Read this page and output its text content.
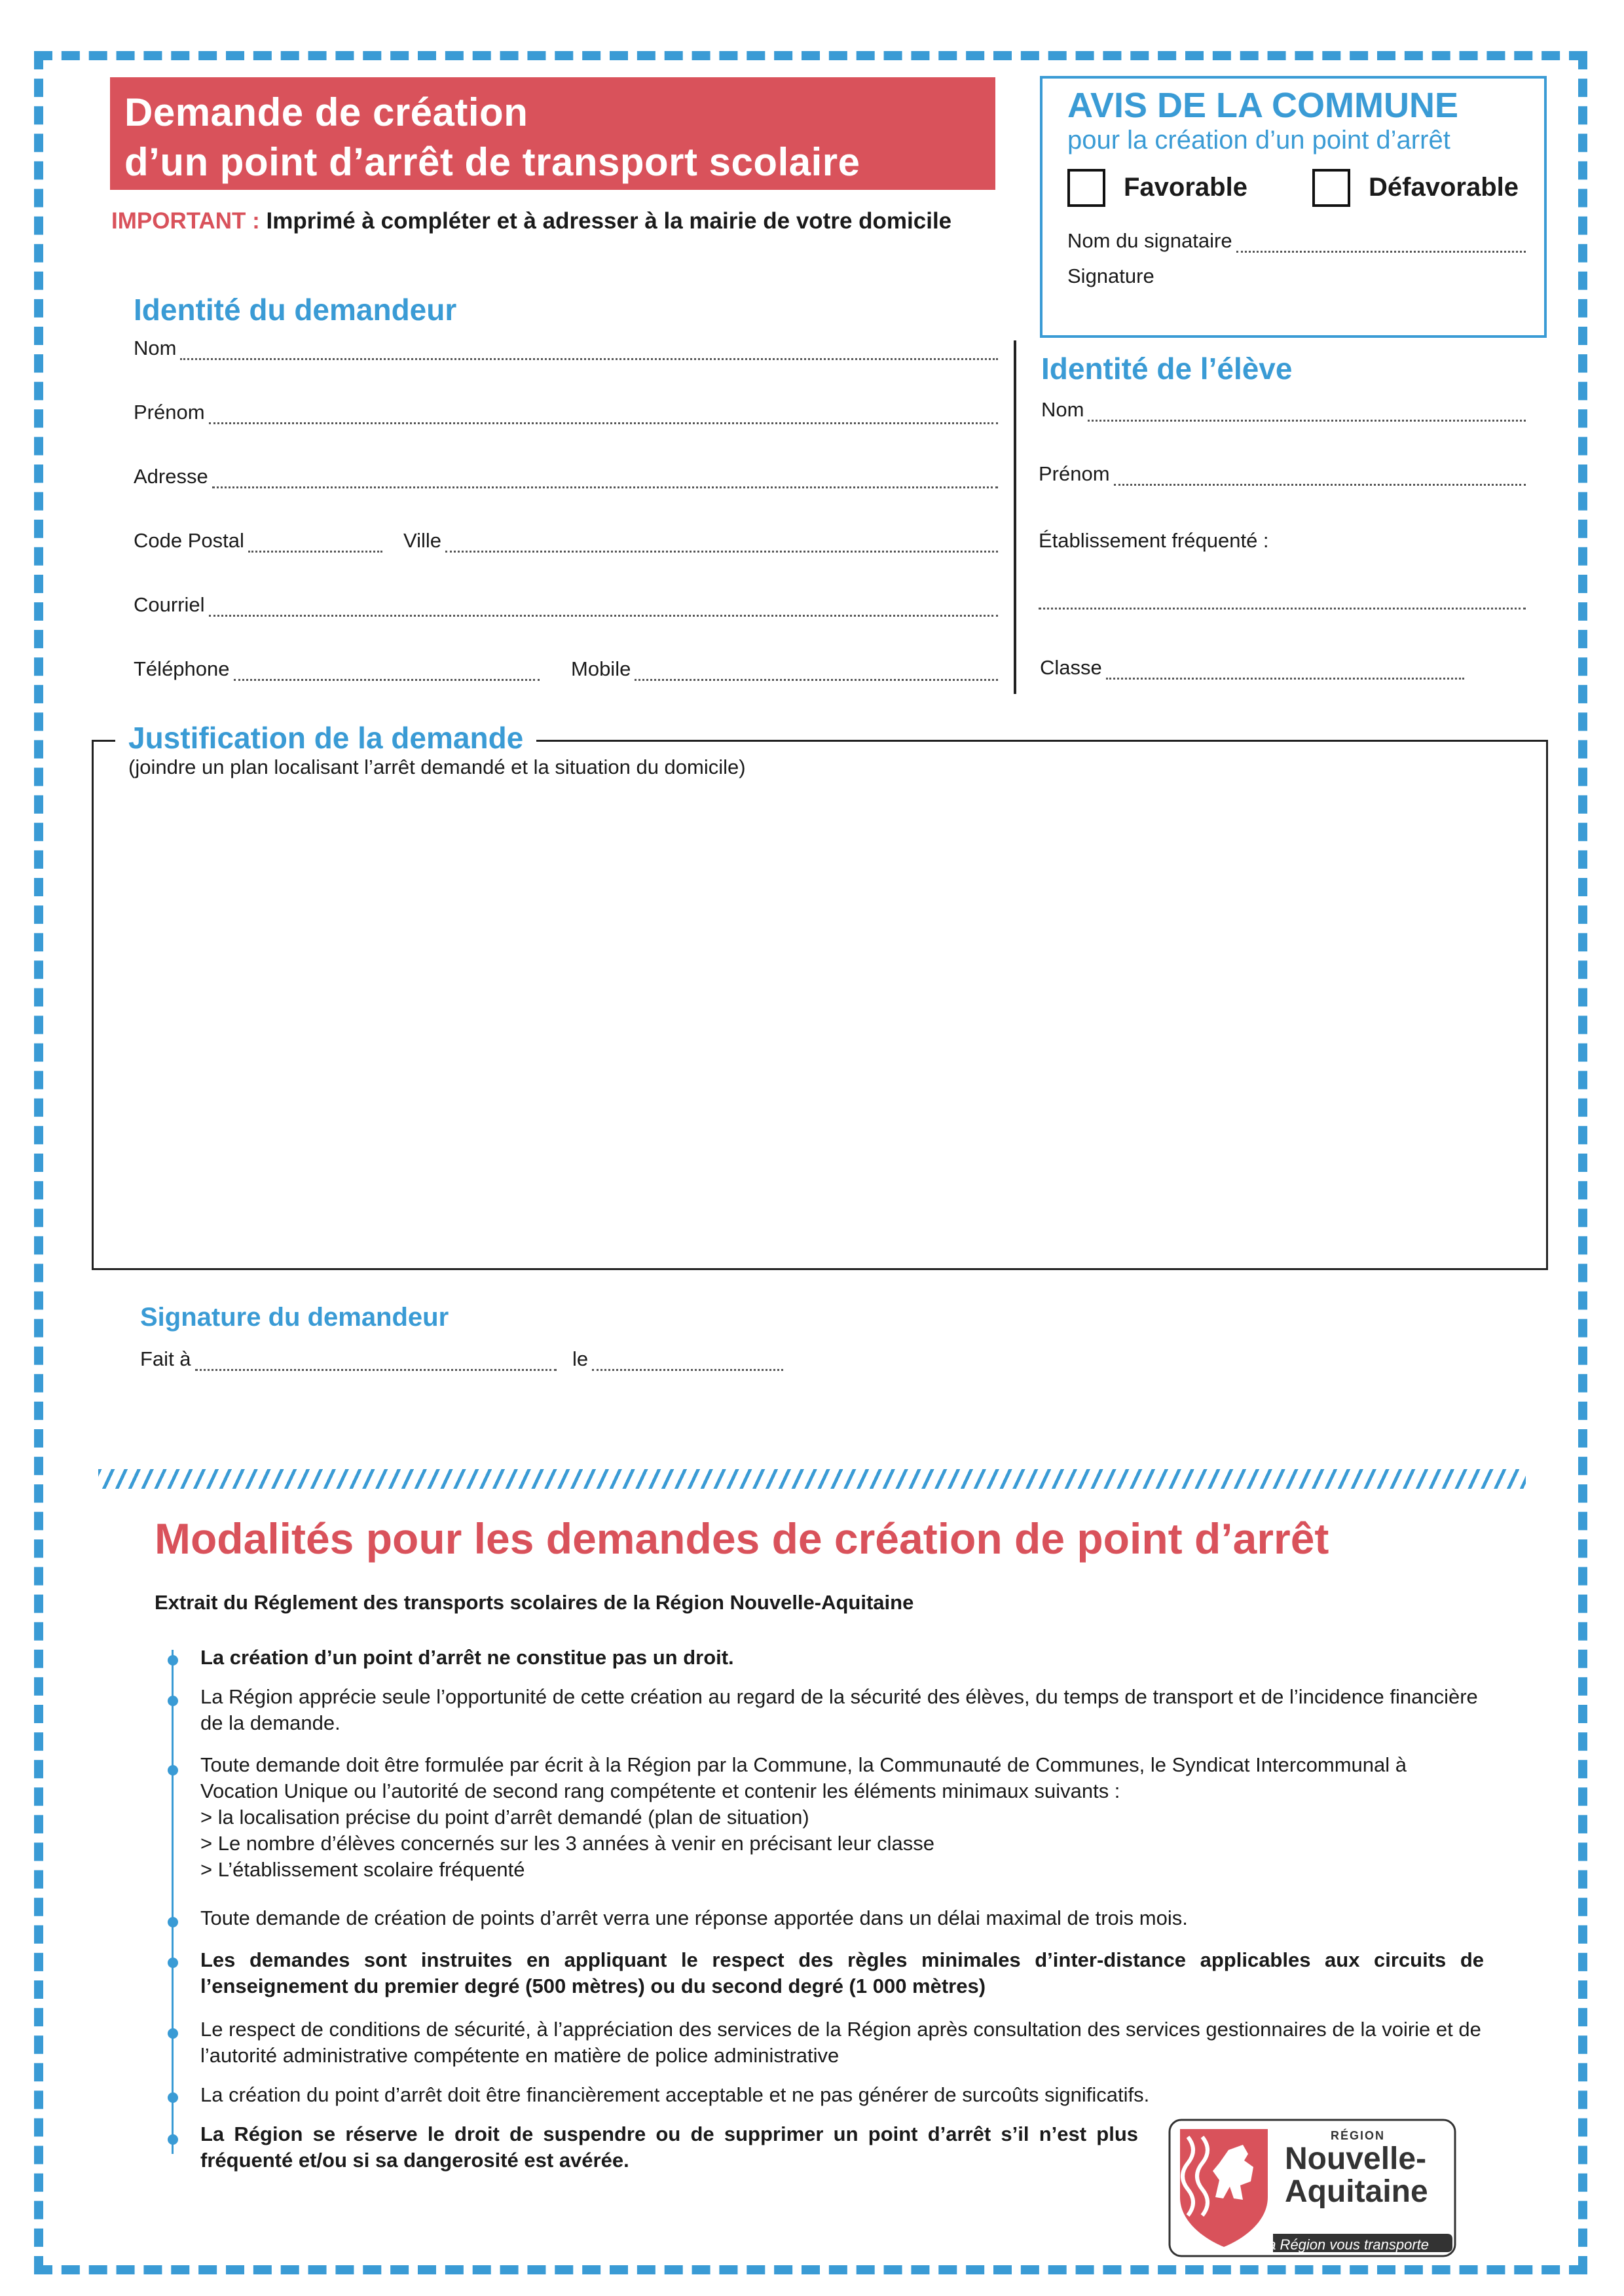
Demande de création
d’un point d’arrêt de transport scolaire
IMPORTANT : Imprimé à compléter et à adresser à la mairie de votre domicile
AVIS DE LA COMMUNE
pour la création d’un point d’arrêt
Favorable	Défavorable
Nom du signataire
Signature
Identité du demandeur
Nom
Prénom
Adresse
Code Postal	Ville
Courriel
Téléphone	Mobile
Identité de l’élève
Nom
Prénom
Établissement fréquenté :
Classe
Justification de la demande
(joindre un plan localisant l’arrêt demandé et la situation du domicile)
Signature du demandeur
Fait à	le
Modalités pour les demandes de création de point d’arrêt
Extrait du Réglement des transports scolaires de la Région Nouvelle-Aquitaine
La création d’un point d’arrêt ne constitue pas un droit.
La Région apprécie seule l’opportunité de cette création au regard de la sécurité des élèves, du temps de transport et de l’incidence financière de la demande.
Toute demande doit être formulée par écrit à la Région par la Commune, la Communauté de Communes, le Syndicat Intercommunal à Vocation Unique ou l’autorité de second rang compétente et contenir les éléments minimaux suivants :
> la localisation précise du point d’arrêt demandé (plan de situation)
> Le nombre d’élèves concernés sur les 3 années à venir en précisant leur classe
> L’établissement scolaire fréquenté
Toute demande de création de points d’arrêt verra une réponse apportée dans un délai maximal de trois mois.
Les demandes sont instruites en appliquant le respect des règles minimales d’inter-distance applicables aux circuits de l’enseignement du premier degré (500 mètres) ou du second degré (1 000 mètres)
Le respect de conditions de sécurité, à l’appréciation des services de la Région après consultation des services gestionnaires de la voirie et de l’autorité administrative compétente en matière de police administrative
La création du point d’arrêt doit être financièrement acceptable et ne pas générer de surcoûts significatifs.
La Région se réserve le droit de suspendre ou de supprimer un point d’arrêt s’il n’est plus fréquenté et/ou si sa dangerosité est avérée.
RÉGION
Nouvelle-
Aquitaine
La Région vous transporte
